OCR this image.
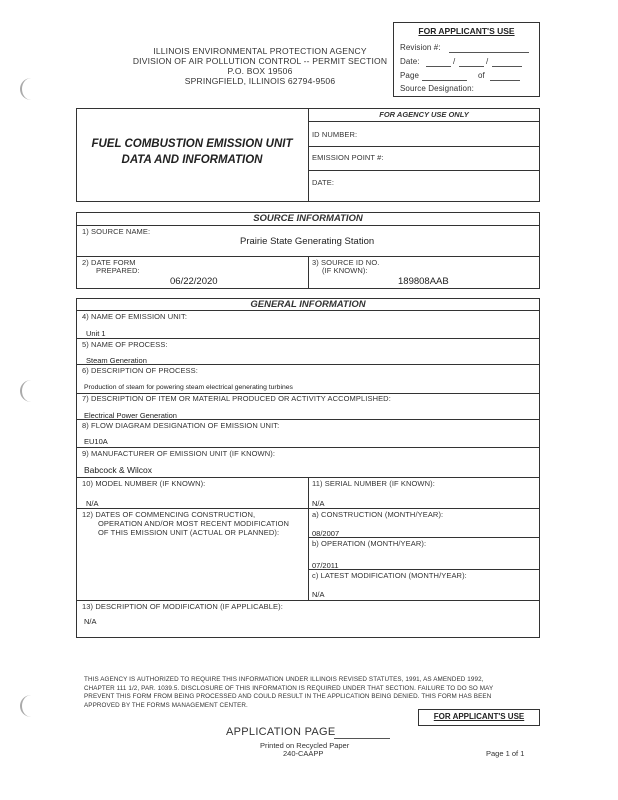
ILLINOIS ENVIRONMENTAL PROTECTION AGENCY
DIVISION OF AIR POLLUTION CONTROL -- PERMIT SECTION
P.O. BOX 19506
SPRINGFIELD, ILLINOIS 62794-9506
FOR APPLICANT'S USE
Revision #:
Date:	/	/
Page	of
Source Designation:
FUEL COMBUSTION EMISSION UNIT
DATA AND INFORMATION
FOR AGENCY USE ONLY
ID NUMBER:
EMISSION POINT #:
DATE:
SOURCE INFORMATION
1) SOURCE NAME:
Prairie State Generating Station
2) DATE FORM
PREPARED:
06/22/2020
3) SOURCE ID NO.
(IF KNOWN):
189808AAB
GENERAL INFORMATION
4) NAME OF EMISSION UNIT:
Unit 1
5) NAME OF PROCESS:
Steam Generation
6) DESCRIPTION OF PROCESS:
Production of steam for powering steam electrical generating turbines
7) DESCRIPTION OF ITEM OR MATERIAL PRODUCED OR ACTIVITY ACCOMPLISHED:
Electrical Power Generation
8) FLOW DIAGRAM DESIGNATION OF EMISSION UNIT:
EU10A
9) MANUFACTURER OF EMISSION UNIT (IF KNOWN):
Babcock & Wilcox
10) MODEL NUMBER (IF KNOWN):
N/A
11) SERIAL NUMBER (IF KNOWN):
N/A
12) DATES OF COMMENCING CONSTRUCTION,
OPERATION AND/OR MOST RECENT MODIFICATION
OF THIS EMISSION UNIT (ACTUAL OR PLANNED):
a) CONSTRUCTION (MONTH/YEAR):
08/2007
b) OPERATION (MONTH/YEAR):
07/2011
c) LATEST MODIFICATION (MONTH/YEAR):
N/A
13) DESCRIPTION OF MODIFICATION (IF APPLICABLE):
N/A
THIS AGENCY IS AUTHORIZED TO REQUIRE THIS INFORMATION UNDER ILLINOIS REVISED STATUTES, 1991, AS AMENDED 1992,
CHAPTER 111 1/2, PAR. 1039.5. DISCLOSURE OF THIS INFORMATION IS REQUIRED UNDER THAT SECTION. FAILURE TO DO SO MAY
PREVENT THIS FORM FROM BEING PROCESSED AND COULD RESULT IN THE APPLICATION BEING DENIED. THIS FORM HAS BEEN
APPROVED BY THE FORMS MANAGEMENT CENTER.
FOR APPLICANT'S USE
APPLICATION PAGE
Printed on Recycled Paper
240-CAAPP	Page 1 of 1
